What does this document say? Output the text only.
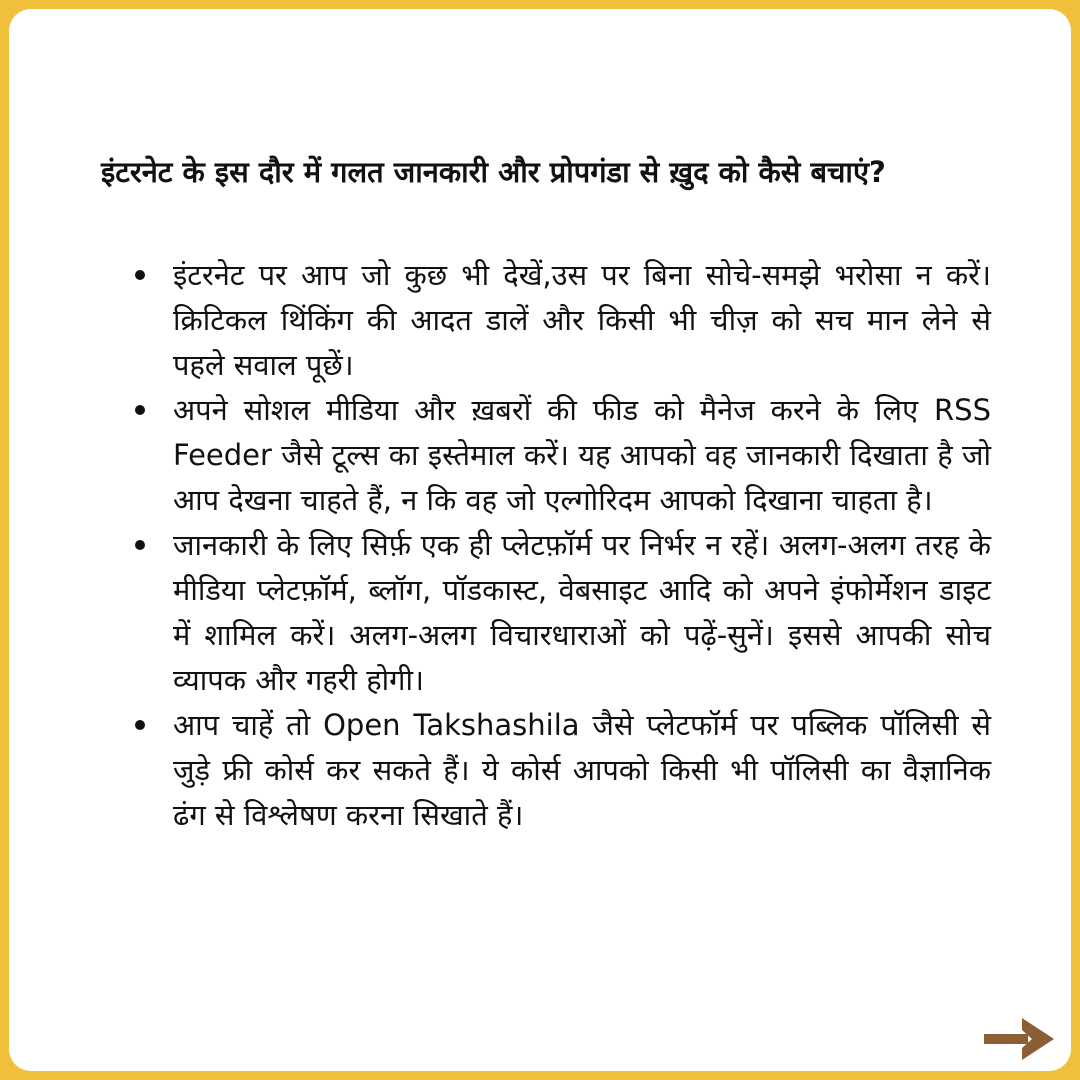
इंटरनेट के इस दौर में गलत जानकारी और प्रोपगंडा से ख़ुद को कैसे बचाएं?
इंटरनेट पर आप जो कुछ भी देखें,उस पर बिना सोचे-समझे भरोसा न करें। क्रिटिकल थिंकिंग की आदत डालें और किसी भी चीज़ को सच मान लेने से पहले सवाल पूछें।
अपने सोशल मीडिया और ख़बरों की फीड को मैनेज करने के लिए RSS Feeder जैसे टूल्स का इस्तेमाल करें। यह आपको वह जानकारी दिखाता है जो आप देखना चाहते हैं, न कि वह जो एल्गोरिदम आपको दिखाना चाहता है।
जानकारी के लिए सिर्फ़ एक ही प्लेटफ़ॉर्म पर निर्भर न रहें। अलग-अलग तरह के मीडिया प्लेटफ़ॉर्म, ब्लॉग, पॉडकास्ट, वेबसाइट आदि को अपने इंफोर्मेशन डाइट में शामिल करें। अलग-अलग विचारधाराओं को पढ़ें-सुनें। इससे आपकी सोच व्यापक और गहरी होगी।
आप चाहें तो Open Takshashila जैसे प्लेटफॉर्म पर पब्लिक पॉलिसी से जुड़े फ्री कोर्स कर सकते हैं। ये कोर्स आपको किसी भी पॉलिसी का वैज्ञानिक ढंग से विश्लेषण करना सिखाते हैं।
